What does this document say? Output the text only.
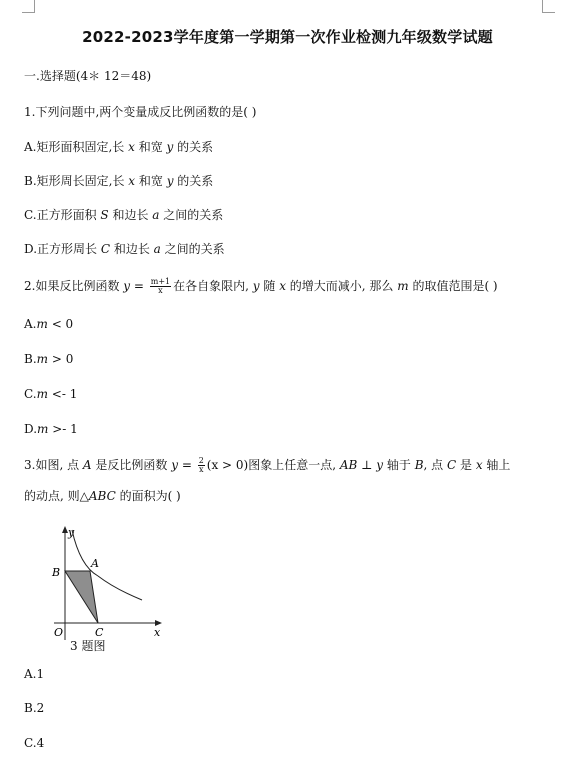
2022-2023学年度第一学期第一次作业检测九年级数学试题
一.选择题(4＊ 12＝48)
1.下列问题中,两个变量成反比例函数的是( )
A.矩形面积固定,长 x 和宽 y 的关系
B.矩形周长固定,长 x 和宽 y 的关系
C.正方形面积 S 和边长 a 之间的关系
D.正方形周长 C 和边长 a 之间的关系
2.如果反比例函数 $y = \frac{m+1}{x}$ 在各自象限内, y 随 x 的增大而减小, 那么 m 的取值范围是( )
A.m < 0
B.m > 0
C.m <- 1
D.m >- 1
3.如图, 点 A 是反比例函数 $y = \frac{2}{x} (x > 0)$图象上任意一点, AB ⊥ y 轴于 B, 点 C 是 x 轴上
的动点, 则△ABC 的面积为( )
y
B
A
O	C	x
3 题图
A.1
B.2
C.4
